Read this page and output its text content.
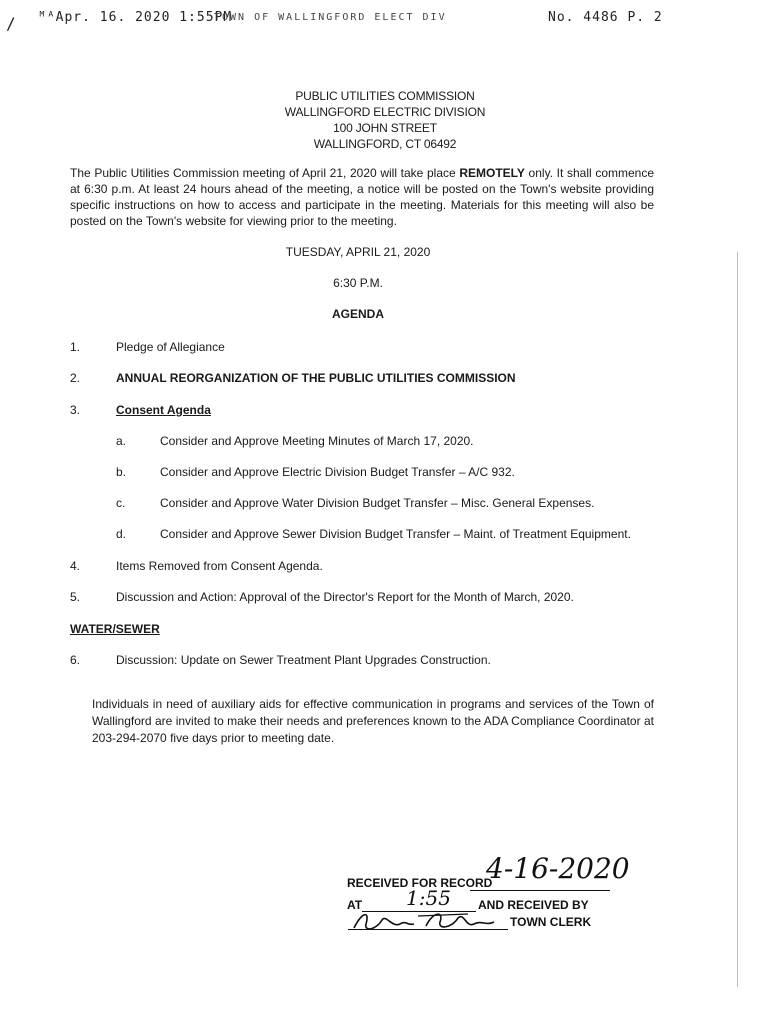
/ ᴹᴬApr. 16. 2020 1:55PM
TOWN OF WALLINGFORD ELECT DIV	No. 4486 P. 2
PUBLIC UTILITIES COMMISSION
WALLINGFORD ELECTRIC DIVISION
100 JOHN STREET
WALLINGFORD, CT 06492
The Public Utilities Commission meeting of April 21, 2020 will take place REMOTELY only. It shall commence at 6:30 p.m. At least 24 hours ahead of the meeting, a notice will be posted on the Town's website providing specific instructions on how to access and participate in the meeting. Materials for this meeting will also be posted on the Town's website for viewing prior to the meeting.
TUESDAY, APRIL 21, 2020
6:30 P.M.
AGENDA
1.	Pledge of Allegiance
2.	ANNUAL REORGANIZATION OF THE PUBLIC UTILITIES COMMISSION
3.	Consent Agenda
a.	Consider and Approve Meeting Minutes of March 17, 2020.
b.	Consider and Approve Electric Division Budget Transfer – A/C 932.
c.	Consider and Approve Water Division Budget Transfer – Misc. General Expenses.
d.	Consider and Approve Sewer Division Budget Transfer – Maint. of Treatment Equipment.
4.	Items Removed from Consent Agenda.
5.	Discussion and Action: Approval of the Director's Report for the Month of March, 2020.
WATER/SEWER
6.	Discussion: Update on Sewer Treatment Plant Upgrades Construction.
Individuals in need of auxiliary aids for effective communication in programs and services of the Town of Wallingford are invited to make their needs and preferences known to the ADA Compliance Coordinator at 203-294-2070 five days prior to meeting date.
RECEIVED FOR RECORD
4-16-2020
AT 1:55 AND RECEIVED BY
TOWN CLERK
